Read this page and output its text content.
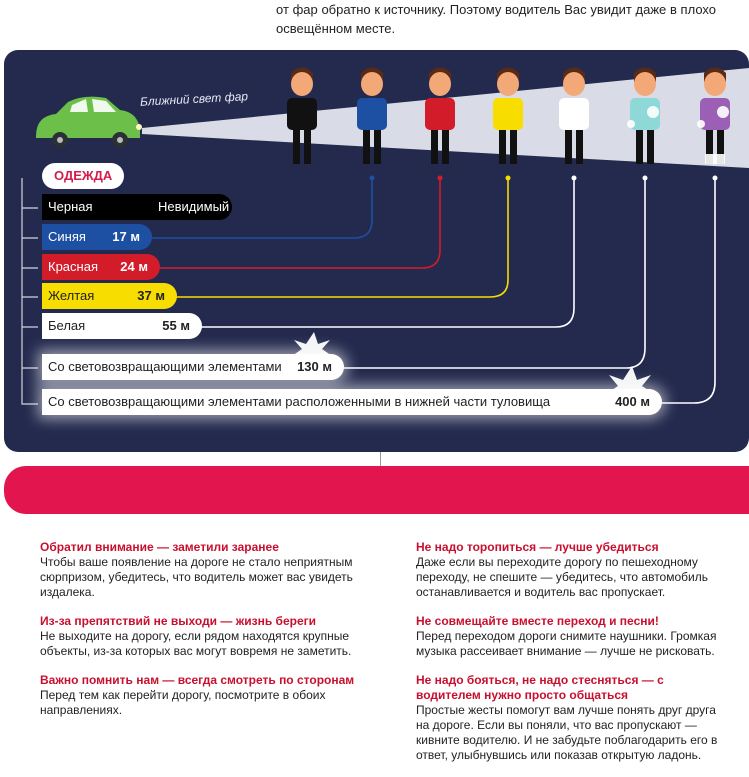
от фар обратно к источнику. Поэтому водитель Вас увидит даже в плохо освещённом месте.
Ближний свет фар
ОДЕЖДА
Черная	Невидимый
Синяя 17 м
Красная 24 м
Желтая	37 м
Белая	55 м
Со световозвращающими элементами 130 м
Со световозвращающими элементами расположенными в нижней части туловища	400 м
Обратил внимание — заметили заранее
Чтобы ваше появление на дороге не стало неприятным сюрпризом, убедитесь, что водитель может вас увидеть издалека.
Из-за препятствий не выходи — жизнь береги
Не выходите на дорогу, если рядом находятся крупные объекты, из-за которых вас могут вовремя не заметить.
Важно помнить нам — всегда смотреть по сторонам
Перед тем как перейти дорогу, посмотрите в обоих направлениях.
Не надо торопиться — лучше убедиться
Даже если вы переходите дорогу по пешеходному переходу, не спешите — убедитесь, что автомобиль останавливается и водитель вас пропускает.
Не совмещайте вместе переход и песни!
Перед переходом дороги снимите наушники. Громкая музыка рассеивает внимание — лучше не рисковать.
Не надо бояться, не надо стесняться — с водителем нужно просто общаться
Простые жесты помогут вам лучше понять друг друга на дороге. Если вы поняли, что вас пропускают — кивните водителю. И не забудьте поблагодарить его в ответ, улыбнувшись или показав открытую ладонь.
